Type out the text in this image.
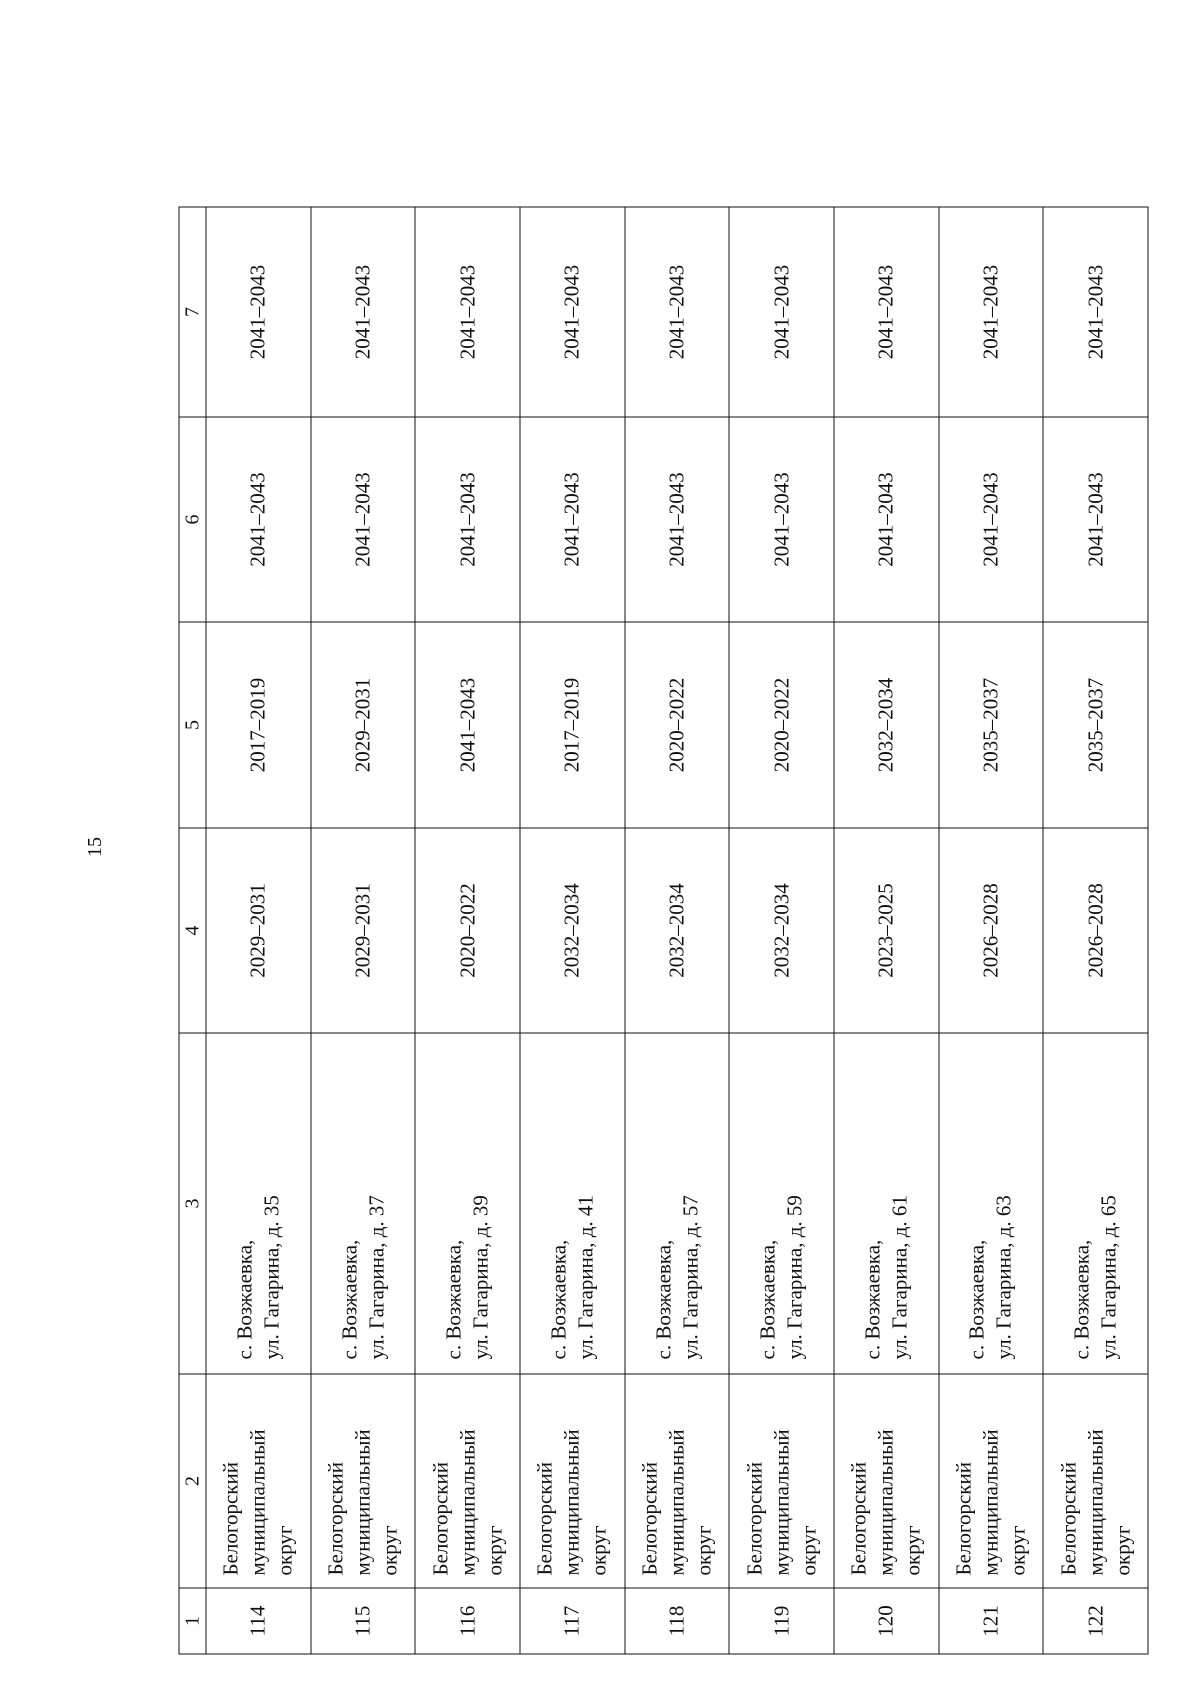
15
1	2	3	4	5	6	7
114	Белогорский муниципальный округ	с. Возжаевка, ул. Гагарина, д. 35	2029–2031	2017–2019	2041–2043	2041–2043
115	Белогорский муниципальный округ	с. Возжаевка, ул. Гагарина, д. 37	2029–2031	2029–2031	2041–2043	2041–2043
116	Белогорский муниципальный округ	с. Возжаевка, ул. Гагарина, д. 39	2020–2022	2041–2043	2041–2043	2041–2043
117	Белогорский муниципальный округ	с. Возжаевка, ул. Гагарина, д. 41	2032–2034	2017–2019	2041–2043	2041–2043
118	Белогорский муниципальный округ	с. Возжаевка, ул. Гагарина, д. 57	2032–2034	2020–2022	2041–2043	2041–2043
119	Белогорский муниципальный округ	с. Возжаевка, ул. Гагарина, д. 59	2032–2034	2020–2022	2041–2043	2041–2043
120	Белогорский муниципальный округ	с. Возжаевка, ул. Гагарина, д. 61	2023–2025	2032–2034	2041–2043	2041–2043
121	Белогорский муниципальный округ	с. Возжаевка, ул. Гагарина, д. 63	2026–2028	2035–2037	2041–2043	2041–2043
122	Белогорский муниципальный округ	с. Возжаевка, ул. Гагарина, д. 65	2026–2028	2035–2037	2041–2043	2041–2043
